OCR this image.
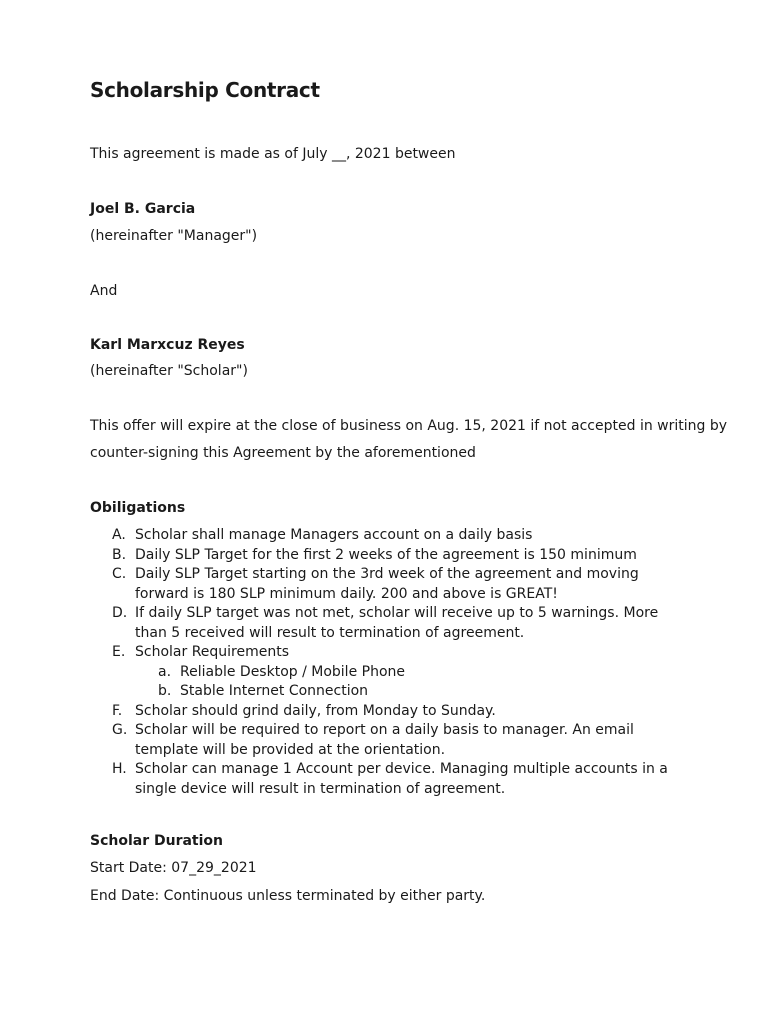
Scholarship Contract
This agreement is made as of July __, 2021 between
Joel B. Garcia
(hereinafter "Manager")
And
Karl Marxcuz Reyes
(hereinafter "Scholar")
This offer will expire at the close of business on Aug. 15, 2021 if not accepted in writing by
counter-signing this Agreement by the aforementioned
Obiligations
A. Scholar shall manage Managers account on a daily basis
B. Daily SLP Target for the first 2 weeks of the agreement is 150 minimum
C. Daily SLP Target starting on the 3rd week of the agreement and moving forward is 180 SLP minimum daily. 200 and above is GREAT!
D. If daily SLP target was not met, scholar will receive up to 5 warnings. More than 5 received will result to termination of agreement.
E. Scholar Requirements
a. Reliable Desktop / Mobile Phone
b. Stable Internet Connection
F. Scholar should grind daily, from Monday to Sunday.
G. Scholar will be required to report on a daily basis to manager. An email template will be provided at the orientation.
H. Scholar can manage 1 Account per device. Managing multiple accounts in a single device will result in termination of agreement.
Scholar Duration
Start Date: 07_29_2021
End Date: Continuous unless terminated by either party.
